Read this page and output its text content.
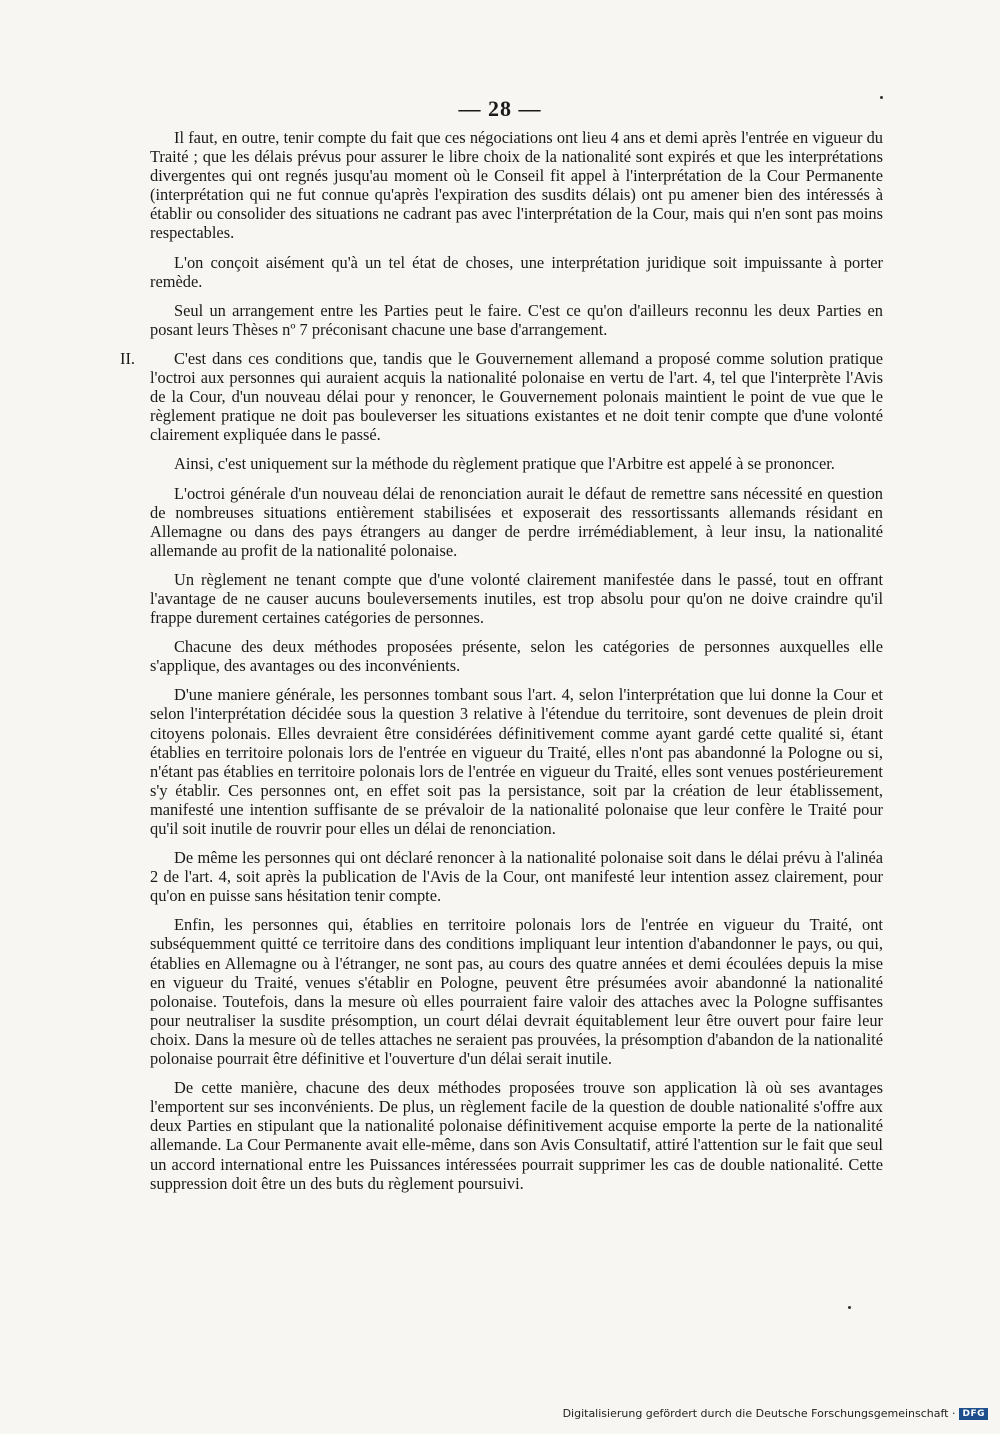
— 28 —

Il faut, en outre, tenir compte du fait que ces négociations ont lieu 4 ans et demi après l'entrée en vigueur du Traité ; que les délais prévus pour assurer le libre choix de la nationalité sont expirés et que les interprétations divergentes qui ont regnés jusqu'au moment où le Conseil fit appel à l'interprétation de la Cour Permanente (interprétation qui ne fut connue qu'après l'expiration des susdits délais) ont pu amener bien des intéressés à établir ou consolider des situations ne cadrant pas avec l'interprétation de la Cour, mais qui n'en sont pas moins respectables.

L'on conçoit aisément qu'à un tel état de choses, une interprétation juridique soit impuissante à porter remède.

Seul un arrangement entre les Parties peut le faire. C'est ce qu'on d'ailleurs reconnu les deux Parties en posant leurs Thèses nº 7 préconisant chacune une base d'arrangement.

II.	C'est dans ces conditions que, tandis que le Gouvernement allemand a proposé comme solution pratique l'octroi aux personnes qui auraient acquis la nationalité polonaise en vertu de l'art. 4, tel que l'interprète l'Avis de la Cour, d'un nouveau délai pour y renoncer, le Gouvernement polonais maintient le point de vue que le règlement pratique ne doit pas bouleverser les situations existantes et ne doit tenir compte que d'une volonté clairement expliquée dans le passé.

Ainsi, c'est uniquement sur la méthode du règlement pratique que l'Arbitre est appelé à se prononcer.

L'octroi générale d'un nouveau délai de renonciation aurait le défaut de remettre sans nécessité en question de nombreuses situations entièrement stabilisées et exposerait des ressortissants allemands résidant en Allemagne ou dans des pays étrangers au danger de perdre irrémédiablement, à leur insu, la nationalité allemande au profit de la nationalité polonaise.

Un règlement ne tenant compte que d'une volonté clairement manifestée dans le passé, tout en offrant l'avantage de ne causer aucuns bouleversements inutiles, est trop absolu pour qu'on ne doive craindre qu'il frappe durement certaines catégories de personnes.

Chacune des deux méthodes proposées présente, selon les catégories de personnes auxquelles elle s'applique, des avantages ou des inconvénients.

D'une maniere générale, les personnes tombant sous l'art. 4, selon l'interprétation que lui donne la Cour et selon l'interprétation décidée sous la question 3 relative à l'étendue du territoire, sont devenues de plein droit citoyens polonais. Elles devraient être considérées définitivement comme ayant gardé cette qualité si, étant établies en territoire polonais lors de l'entrée en vigueur du Traité, elles n'ont pas abandonné la Pologne ou si, n'étant pas établies en territoire polonais lors de l'entrée en vigueur du Traité, elles sont venues postérieurement s'y établir. Ces personnes ont, en effet soit pas la persistance, soit par la création de leur établissement, manifesté une intention suffisante de se prévaloir de la nationalité polonaise que leur confère le Traité pour qu'il soit inutile de rouvrir pour elles un délai de renonciation.

De même les personnes qui ont déclaré renoncer à la nationalité polonaise soit dans le délai prévu à l'alinéa 2 de l'art. 4, soit après la publication de l'Avis de la Cour, ont manifesté leur intention assez clairement, pour qu'on en puisse sans hésitation tenir compte.

Enfin, les personnes qui, établies en territoire polonais lors de l'entrée en vigueur du Traité, ont subséquemment quitté ce territoire dans des conditions impliquant leur intention d'abandonner le pays, ou qui, établies en Allemagne ou à l'étranger, ne sont pas, au cours des quatre années et demi écoulées depuis la mise en vigueur du Traité, venues s'établir en Pologne, peuvent être présumées avoir abandonné la nationalité polonaise. Toutefois, dans la mesure où elles pourraient faire valoir des attaches avec la Pologne suffisantes pour neutraliser la susdite présomption, un court délai devrait équitablement leur être ouvert pour faire leur choix. Dans la mesure où de telles attaches ne seraient pas prouvées, la présomption d'abandon de la nationalité polonaise pourrait être définitive et l'ouverture d'un délai serait inutile.

De cette manière, chacune des deux méthodes proposées trouve son application là où ses avantages l'emportent sur ses inconvénients. De plus, un règlement facile de la question de double nationalité s'offre aux deux Parties en stipulant que la nationalité polonaise définitivement acquise emporte la perte de la nationalité allemande. La Cour Permanente avait elle-même, dans son Avis Consultatif, attiré l'attention sur le fait que seul un accord international entre les Puissances intéressées pourrait supprimer les cas de double nationalité. Cette suppression doit être un des buts du règlement poursuivi.

Digitalisierung gefördert durch die Deutsche Forschungsgemeinschaft · DFG
